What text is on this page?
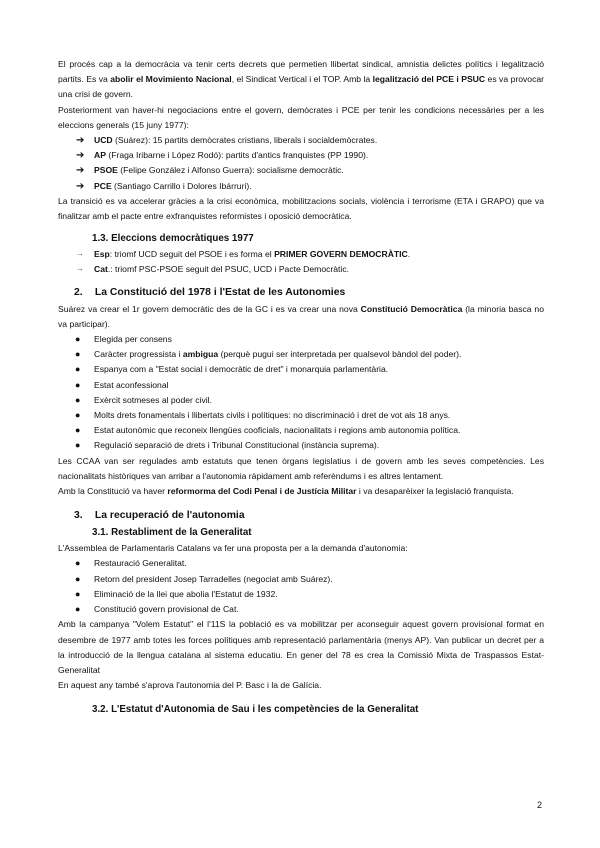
El procés cap a la democràcia va tenir certs decrets que permetien llibertat sindical, amnistia delictes polítics i legalització partits. Es va abolir el Movimiento Nacional, el Sindicat Vertical i el TOP. Amb la legalització del PCE i PSUC es va provocar una crisi de govern.

Posteriorment van haver-hi negociacions entre el govern, demòcrates i PCE per tenir les condicions necessàries per a les eleccions generals (15 juny 1977):

➔ UCD (Suárez): 15 partits demòcrates cristians, liberals i socialdemòcrates.
➔ AP (Fraga Iribarne i López Rodó): partits d'antics franquistes (PP 1990).
➔ PSOE (Felipe González i Alfonso Guerra): socialisme democràtic.
➔ PCE (Santiago Carrillo i Dolores Ibárruri).

La transició es va accelerar gràcies a la crisi econòmica, mobilitzacions socials, violència i terrorisme (ETA i GRAPO) que va finalitzar amb el pacte entre exfranquistes reformistes i oposició democràtica.

1.3. Eleccions democràtiques 1977
→ Esp: triomf UCD seguit del PSOE i es forma el PRIMER GOVERN DEMOCRÀTIC.
→ Cat.: triomf PSC-PSOE seguit del PSUC, UCD i Pacte Democràtic.
2. La Constitució del 1978 i l'Estat de les Autonomies

Suárez va crear el 1r govern democràtic des de la GC i es va crear una nova Constitució Democràtica (la minoria basca no va participar).

● Elegida per consens
● Caràcter progressista i ambigua (perquè pugui ser interpretada per qualsevol bàndol del poder).
● Espanya com a "Estat social i democràtic de dret" i monarquia parlamentària.
● Estat aconfessional
● Exèrcit sotmeses al poder civil.
● Molts drets fonamentals i llibertats civils i polítiques: no discriminació i dret de vot als 18 anys.
● Estat autonòmic que reconeix llengües cooficials, nacionalitats i regions amb autonomia política.
● Regulació separació de drets i Tribunal Constitucional (instància suprema).

Les CCAA van ser regulades amb estatuts que tenen òrgans legislatius i de govern amb les seves competències. Les nacionalitats històriques van arribar a l'autonomia ràpidament amb referèndums i es altres lentament.

Amb la Constitució va haver reformorma del Codi Penal i de Justícia Militar i va desaparèixer la legislació franquista.

3. La recuperació de l'autonomia
3.1. Restabliment de la Generalitat

L'Assemblea de Parlamentaris Catalans va fer una proposta per a la demanda d'autonomia:

● Restauració Generalitat.
● Retorn del president Josep Tarradelles (negociat amb Suárez).
● Eliminació de la llei que abolia l'Estatut de 1932.
● Constitució govern provisional de Cat.

Amb la campanya "Volem Estatut" el l'11S la població es va mobilitzar per aconseguir aquest govern provisional format en desembre de 1977 amb totes les forces polítiques amb representació parlamentària (menys AP). Van publicar un decret per a la introducció de la llengua catalana al sistema educatiu. En gener del 78 es crea la Comissió Mixta de Traspassos Estat-Generalitat

En aquest any també s'aprova l'autonomia del P. Basc i la de Galícia.

3.2. L'Estatut d'Autonomia de Sau i les competències de la Generalitat
2
